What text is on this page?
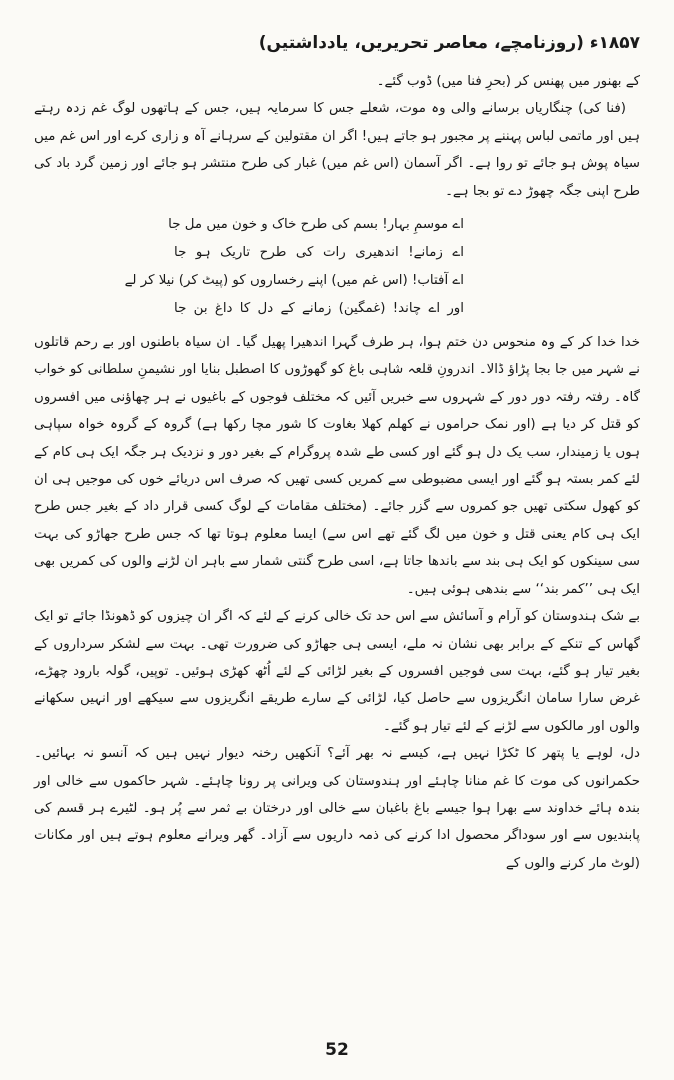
۱۸۵۷ء (روزنامچے، معاصر تحریریں، یادداشتیں)

کے بھنور میں پھنس کر (بحرِ فنا میں) ڈوب گئے۔

(فنا کی) چنگاریاں برسانے والی وہ موت، شعلے جس کا سرمایہ ہیں، جس کے ہاتھوں لوگ غم زدہ رہتے ہیں اور ماتمی لباس پہننے پر مجبور ہو جاتے ہیں! اگر ان مقتولین کے سرہانے آہ و زاری کرے اور اس غم میں سیاہ پوش ہو جائے تو روا ہے۔ اگر آسمان (اس غم میں) غبار کی طرح منتشر ہو جائے اور زمین گرد باد کی طرح اپنی جگہ چھوڑ دے تو بجا ہے۔

اے موسمِ بہار! بسم کی طرح خاک و خون میں مل جا
اے زمانے! اندھیری رات کی طرح تاریک ہو جا
اے آفتاب! (اس غم میں) اپنے رخساروں کو (پیٹ کر) نیلا کر لے
اور اے چاند! (غمگین) زمانے کے دل کا داغ بن جا

خدا خدا کر کے وہ منحوس دن ختم ہوا، ہر طرف گہرا اندھیرا پھیل گیا۔ ان سیاہ باطنوں اور بے رحم قاتلوں نے شہر میں جا بجا پڑاؤ ڈالا۔ اندرونِ قلعہ شاہی باغ کو گھوڑوں کا اصطبل بنایا اور نشیمنِ سلطانی کو خواب گاہ۔ رفتہ رفتہ دور دور کے شہروں سے خبریں آئیں کہ مختلف فوجوں کے باغیوں نے ہر چھاؤنی میں افسروں کو قتل کر دیا ہے (اور نمک حراموں نے کھلم کھلا بغاوت کا شور مچا رکھا ہے) گروہ کے گروہ خواہ سپاہی ہوں یا زمیندار، سب یک دل ہو گئے اور کسی طے شدہ پروگرام کے بغیر دور و نزدیک ہر جگہ ایک ہی کام کے لئے کمر بستہ ہو گئے اور ایسی مضبوطی سے کمریں کسی تھیں کہ صرف اس دریائے خوں کی موجیں ہی ان کو کھول سکتی تھیں جو کمروں سے گزر جائے۔ (مختلف مقامات کے لوگ کسی قرار داد کے بغیر جس طرح ایک ہی کام یعنی قتل و خون میں لگ گئے تھے اس سے) ایسا معلوم ہوتا تھا کہ جس طرح جھاڑو کی بہت سی سینکوں کو ایک ہی بند سے باندھا جاتا ہے، اسی طرح گنتی شمار سے باہر ان لڑنے والوں کی کمریں بھی ایک ہی ’’کمر بند‘‘ سے بندھی ہوئی ہیں۔

بے شک ہندوستان کو آرام و آسائش سے اس حد تک خالی کرنے کے لئے کہ اگر ان چیزوں کو ڈھونڈا جائے تو ایک گھاس کے تنکے کے برابر بھی نشان نہ ملے، ایسی ہی جھاڑو کی ضرورت تھی۔ بہت سے لشکر سرداروں کے بغیر تیار ہو گئے، بہت سی فوجیں افسروں کے بغیر لڑائی کے لئے اُٹھ کھڑی ہوئیں۔ توپیں، گولہ بارود چھڑے، غرض سارا سامان انگریزوں سے حاصل کیا، لڑائی کے سارے طریقے انگریزوں سے سیکھے اور انہیں سکھانے والوں اور مالکوں سے لڑنے کے لئے تیار ہو گئے۔

دل، لوہے یا پتھر کا ٹکڑا نہیں ہے، کیسے نہ بھر آئے؟ آنکھیں رخنہ دیوار نہیں ہیں کہ آنسو نہ بہائیں۔ حکمرانوں کی موت کا غم منانا چاہئے اور ہندوستان کی ویرانی پر رونا چاہئے۔ شہر حاکموں سے خالی اور بندہ ہائے خداوند سے بھرا ہوا جیسے باغ باغبان سے خالی اور درختان بے ثمر سے پُر ہو۔ لٹیرے ہر قسم کی پابندیوں سے اور سوداگر محصول ادا کرنے کی ذمہ داریوں سے آزاد۔ گھر ویرانے معلوم ہوتے ہیں اور مکانات (لوٹ مار کرنے والوں کے

52
